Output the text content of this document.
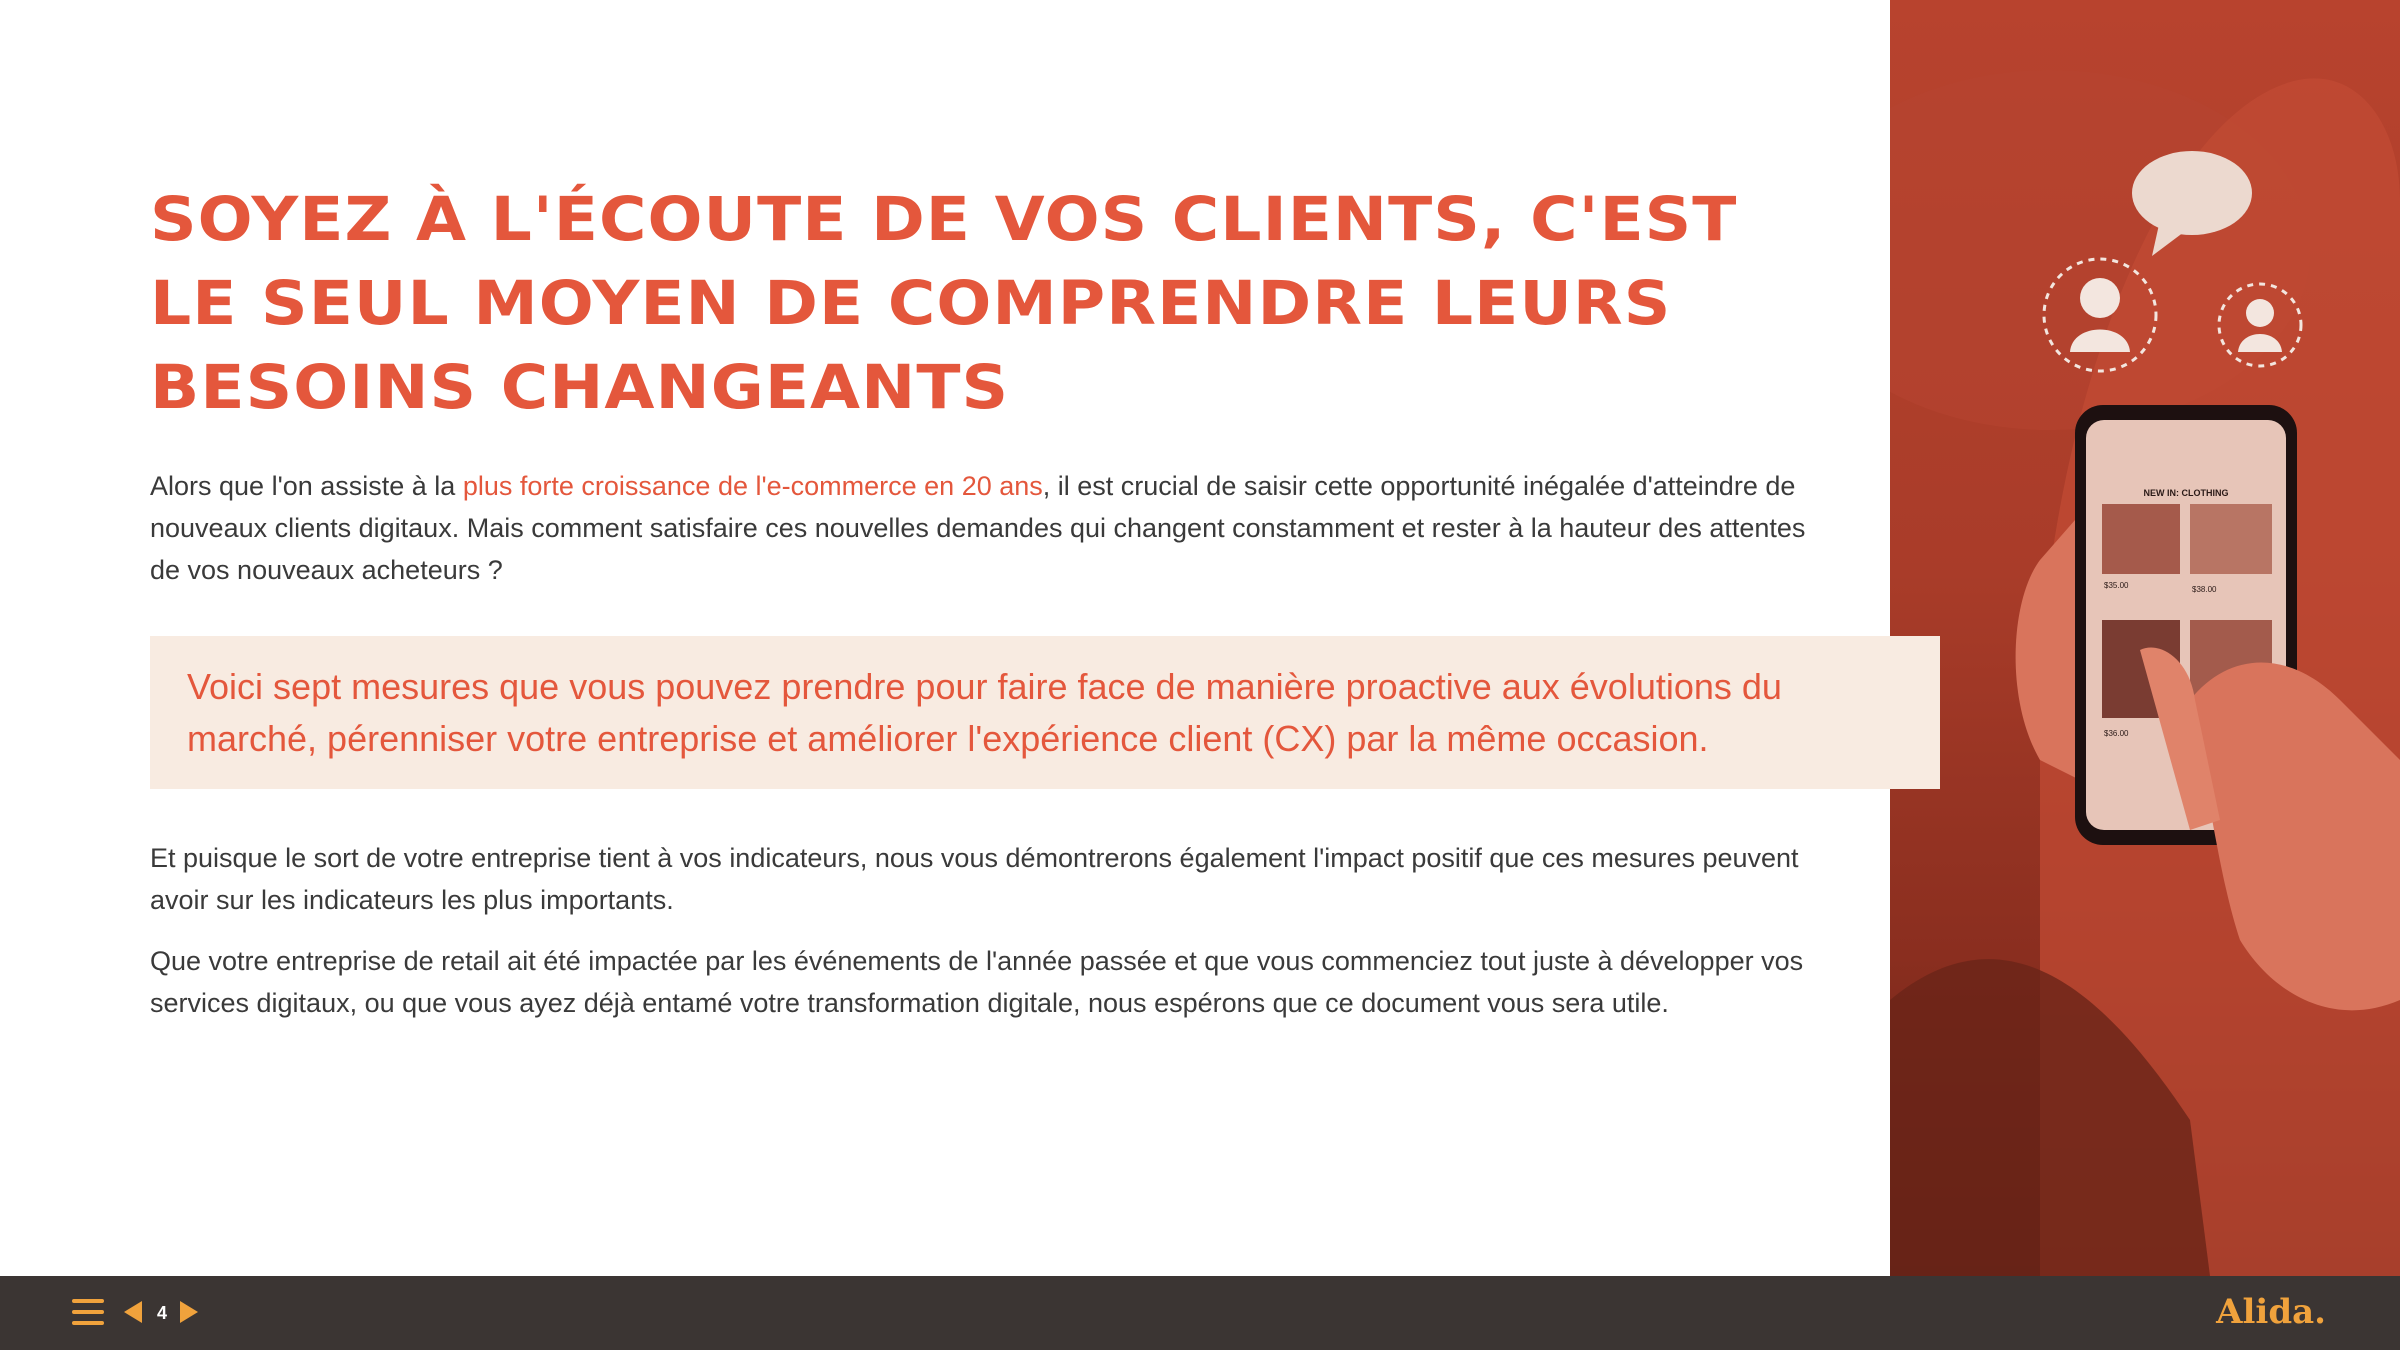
SOYEZ À L'ÉCOUTE DE VOS CLIENTS, C'EST
LE SEUL MOYEN DE COMPRENDRE LEURS
BESOINS CHANGEANTS

Alors que l'on assiste à la plus forte croissance de l'e-commerce en 20 ans, il est crucial de saisir cette opportunité inégalée d'atteindre de nouveaux clients digitaux. Mais comment satisfaire ces nouvelles demandes qui changent constamment et rester à la hauteur des attentes de vos nouveaux acheteurs ?

Et puisque le sort de votre entreprise tient à vos indicateurs, nous vous démontrerons également l'impact positif que ces mesures peuvent avoir sur les indicateurs les plus importants.

Que votre entreprise de retail ait été impactée par les événements de l'année passée et que vous commenciez tout juste à développer vos services digitaux, ou que vous ayez déjà entamé votre transformation digitale, nous espérons que ce document vous sera utile.

NEW IN: CLOTHING
$35.00	$38.00
$36.00

Voici sept mesures que vous pouvez prendre pour faire face de manière proactive aux évolutions du marché, pérenniser votre entreprise et améliorer l'expérience client (CX) par la même occasion.

4	Alida.
